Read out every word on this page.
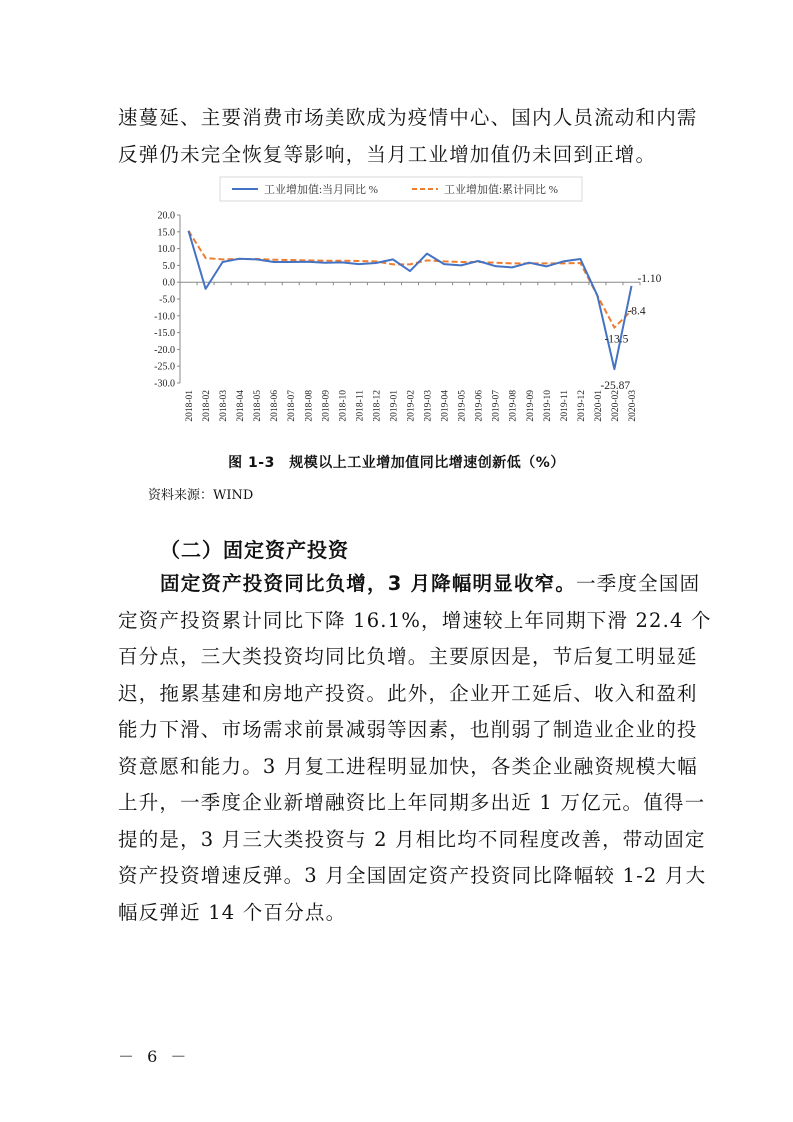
速蔓延、主要消费市场美欧成为疫情中心、国内人员流动和内需
反弹仍未完全恢复等影响，当月工业增加值仍未回到正增。
工业增加值:当月同比 %	工业增加值:累计同比 %
20.0
15.0
10.0
5.0
0.0
-5.0
-10.0
-15.0
-20.0
-25.0
-30.0
2018-01 2018-02 2018-03 2018-04 2018-05 2018-06 2018-07 2018-08 2018-09 2018-10 2018-11 2018-12 2019-01 2019-02 2019-03 2019-04 2019-05 2019-06 2019-07 2019-08 2019-09 2019-10 2019-11 2019-12 2020-01 2020-02 2020-03
-1.10
-8.4
-13.5
-25.87
图 1-3　规模以上工业增加值同比增速创新低（%）
资料来源：WIND
（二）固定资产投资
固定资产投资同比负增，3 月降幅明显收窄。一季度全国固
定资产投资累计同比下降 16.1%，增速较上年同期下滑 22.4 个
百分点，三大类投资均同比负增。主要原因是，节后复工明显延
迟，拖累基建和房地产投资。此外，企业开工延后、收入和盈利
能力下滑、市场需求前景减弱等因素，也削弱了制造业企业的投
资意愿和能力。3 月复工进程明显加快，各类企业融资规模大幅
上升，一季度企业新增融资比上年同期多出近 1 万亿元。值得一
提的是，3 月三大类投资与 2 月相比均不同程度改善，带动固定
资产投资增速反弹。3 月全国固定资产投资同比降幅较 1-2 月大
幅反弹近 14 个百分点。
－ 6 －
